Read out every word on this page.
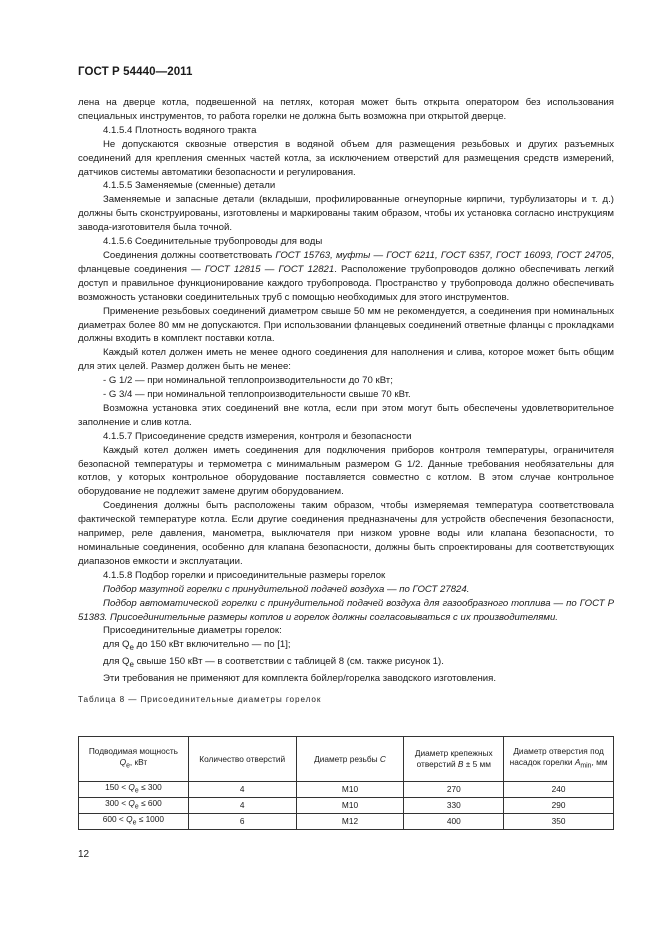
ГОСТ Р 54440—2011

лена на дверце котла, подвешенной на петлях, которая может быть открыта оператором без использования специальных инструментов, то работа горелки не должна быть возможна при открытой дверце.

4.1.5.4 Плотность водяного тракта

Не допускаются сквозные отверстия в водяной объем для размещения резьбовых и других разъемных соединений для крепления сменных частей котла, за исключением отверстий для размещения средств измерений, датчиков системы автоматики безопасности и регулирования.

4.1.5.5 Заменяемые (сменные) детали

Заменяемые и запасные детали (вкладыши, профилированные огнеупорные кирпичи, турбулизаторы и т. д.) должны быть сконструированы, изготовлены и маркированы таким образом, чтобы их установка согласно инструкциям завода-изготовителя была точной.

4.1.5.6 Соединительные трубопроводы для воды

Соединения должны соответствовать ГОСТ 15763, муфты — ГОСТ 6211, ГОСТ 6357, ГОСТ 16093, ГОСТ 24705, фланцевые соединения — ГОСТ 12815 — ГОСТ 12821. Расположение трубопроводов должно обеспечивать легкий доступ и правильное функционирование каждого трубопровода. Пространство у трубопровода должно обеспечивать возможность установки соединительных труб с помощью необходимых для этого инструментов.

Применение резьбовых соединений диаметром свыше 50 мм не рекомендуется, а соединения при номинальных диаметрах более 80 мм не допускаются. При использовании фланцевых соединений ответные фланцы с прокладками должны входить в комплект поставки котла.

Каждый котел должен иметь не менее одного соединения для наполнения и слива, которое может быть общим для этих целей. Размер должен быть не менее:

- G 1/2 — при номинальной теплопроизводительности до 70 кВт;

- G 3/4 — при номинальной теплопроизводительности свыше 70 кВт.

Возможна установка этих соединений вне котла, если при этом могут быть обеспечены удовлетворительное заполнение и слив котла.

4.1.5.7 Присоединение средств измерения, контроля и безопасности

Каждый котел должен иметь соединения для подключения приборов контроля температуры, ограничителя безопасной температуры и термометра с минимальным размером G 1/2. Данные требования необязательны для котлов, у которых контрольное оборудование поставляется совместно с котлом. В этом случае контрольное оборудование не подлежит замене другим оборудованием.

Соединения должны быть расположены таким образом, чтобы измеряемая температура соответствовала фактической температуре котла. Если другие соединения предназначены для устройств обеспечения безопасности, например, реле давления, манометра, выключателя при низком уровне воды или клапана безопасности, то номинальные соединения, особенно для клапана безопасности, должны быть спроектированы для соответствующих диапазонов емкости и эксплуатации.

4.1.5.8 Подбор горелки и присоединительные размеры горелок

Подбор мазутной горелки с принудительной подачей воздуха — по ГОСТ 27824.

Подбор автоматической горелки с принудительной подачей воздуха для газообразного топлива — по ГОСТ Р 51383. Присоединительные размеры котлов и горелок должны согласовываться с их производителями.

Присоединительные диаметры горелок:

для $Q_e$ до 150 кВт включительно — по [1];

для $Q_e$ свыше 150 кВт — в соответствии с таблицей 8 (см. также рисунок 1).

Эти требования не применяют для комплекта бойлер/горелка заводского изготовления.

Таблица 8 — Присоединительные диаметры горелок

Подводимая мощность
$Q_e$, кВт	Количество отверстий	Диаметр резьбы C	Диаметр крепежных отверстий B ± 5 мм	Диаметр отверстия под насадок горелки $A_{min}$, мм
$150 < Q_e \le 300$	4	M10	270	240
$300 < Q_e \le 600$	4	M10	330	290
$600 < Q_e \le 1000$	6	M12	400	350
12
